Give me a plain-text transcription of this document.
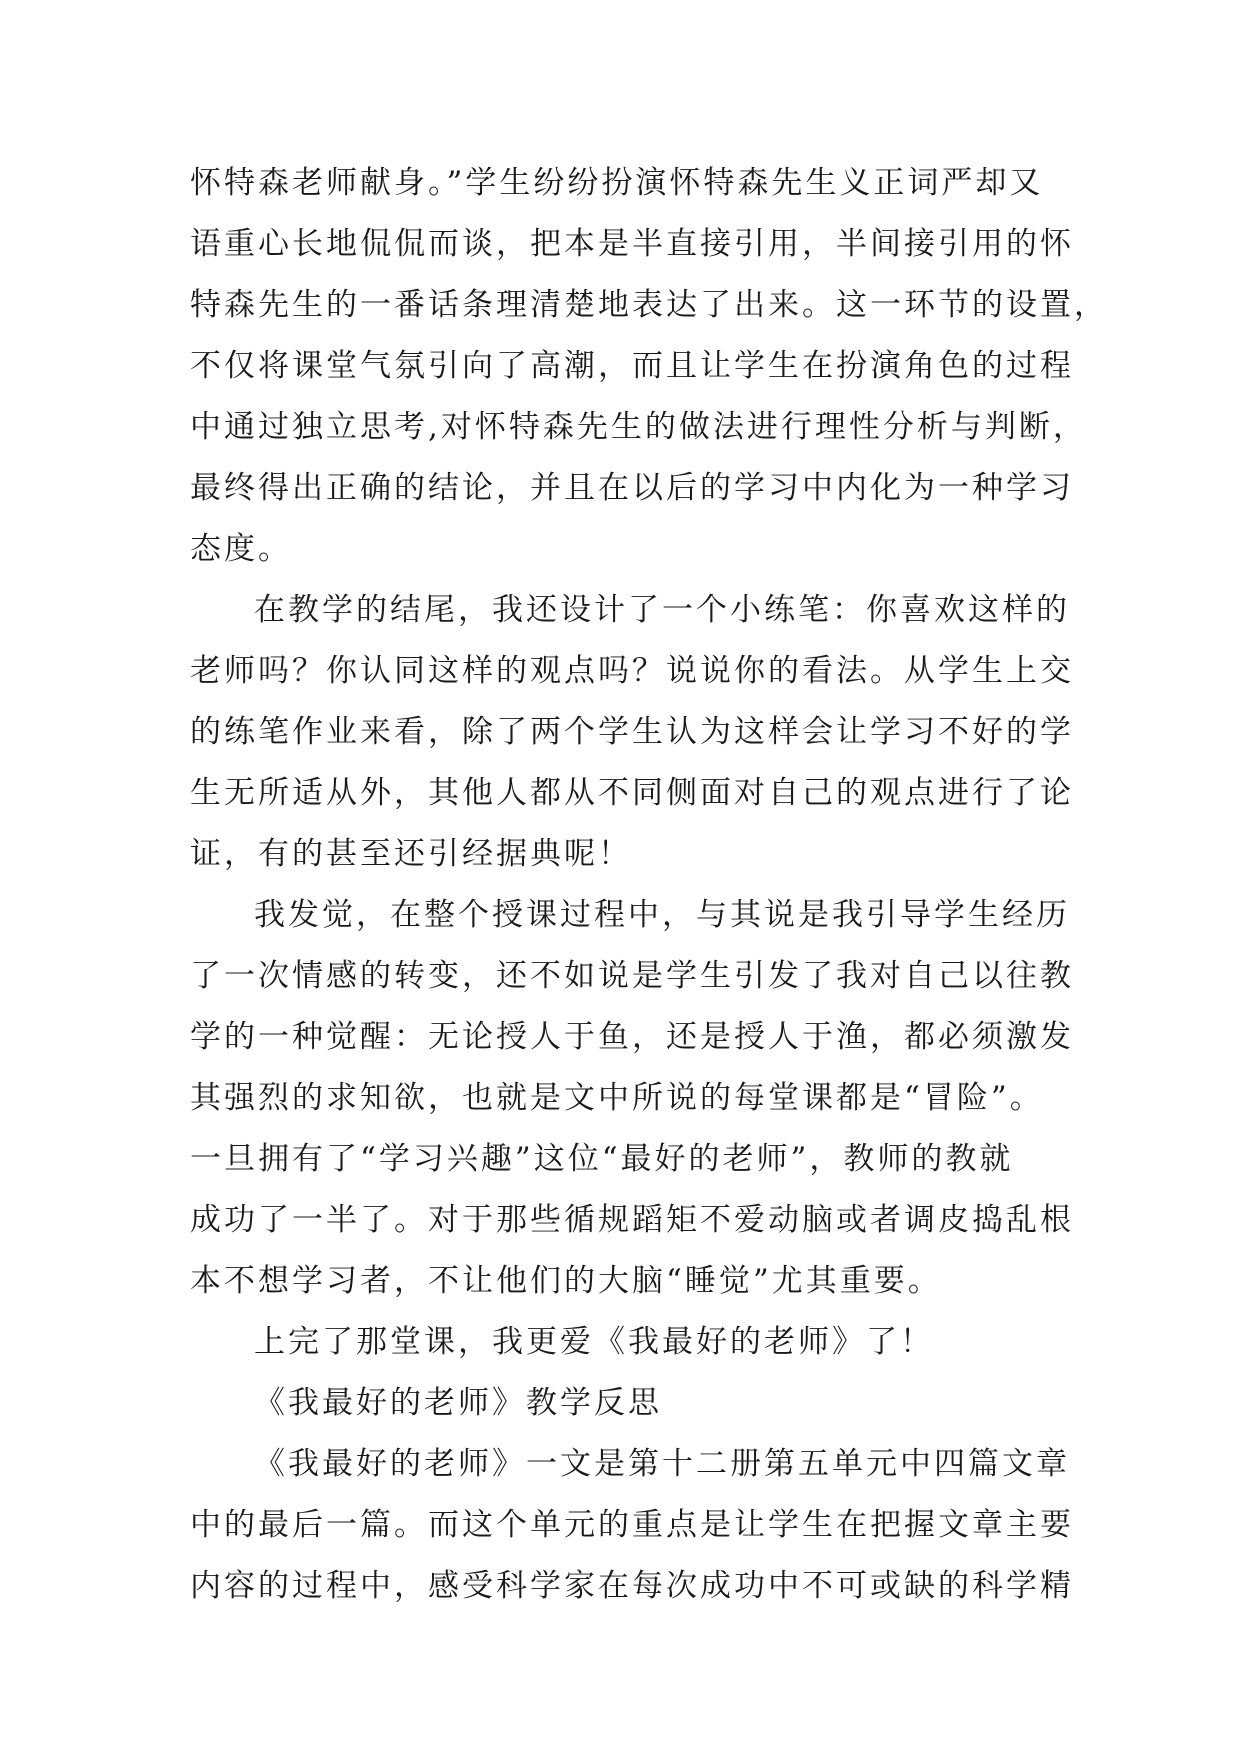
怀特森老师献身。”学生纷纷扮演怀特森先生义正词严却又
语重心长地侃侃而谈，把本是半直接引用，半间接引用的怀
特森先生的一番话条理清楚地表达了出来。这一环节的设置，
不仅将课堂气氛引向了高潮，而且让学生在扮演角色的过程
中通过独立思考,对怀特森先生的做法进行理性分析与判断，
最终得出正确的结论，并且在以后的学习中内化为一种学习
态度。
在教学的结尾，我还设计了一个小练笔：你喜欢这样的
老师吗？你认同这样的观点吗？说说你的看法。从学生上交
的练笔作业来看，除了两个学生认为这样会让学习不好的学
生无所适从外，其他人都从不同侧面对自己的观点进行了论
证，有的甚至还引经据典呢！
我发觉，在整个授课过程中，与其说是我引导学生经历
了一次情感的转变，还不如说是学生引发了我对自己以往教
学的一种觉醒：无论授人于鱼，还是授人于渔，都必须激发
其强烈的求知欲，也就是文中所说的每堂课都是“冒险”。
一旦拥有了“学习兴趣”这位“最好的老师”，教师的教就
成功了一半了。对于那些循规蹈矩不爱动脑或者调皮捣乱根
本不想学习者，不让他们的大脑“睡觉”尤其重要。
上完了那堂课，我更爱《我最好的老师》了！
《我最好的老师》教学反思
《我最好的老师》一文是第十二册第五单元中四篇文章
中的最后一篇。而这个单元的重点是让学生在把握文章主要
内容的过程中，感受科学家在每次成功中不可或缺的科学精
